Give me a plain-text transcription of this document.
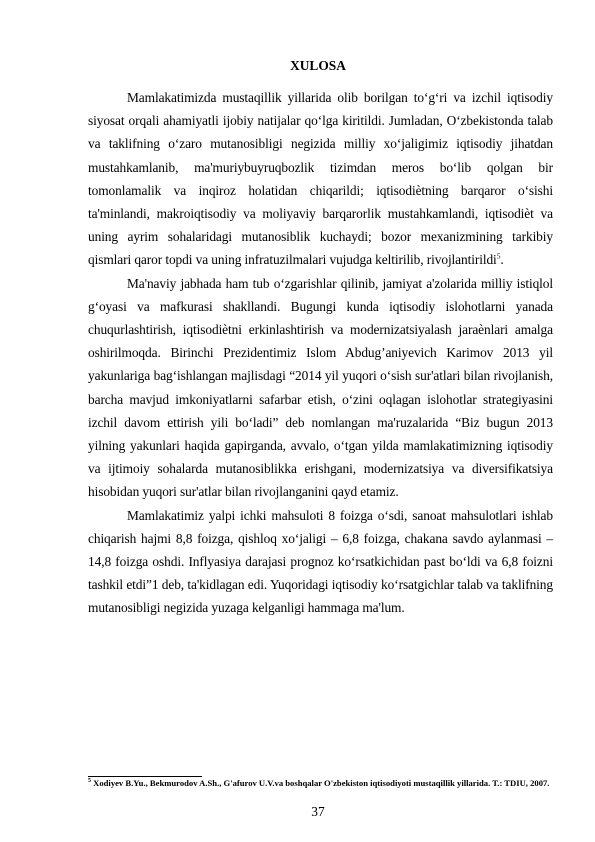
XULOSA

Mamlakatimizda mustaqillik yillarida olib borilgan to‘g‘ri va izchil iqtisodiy siyosat orqali ahamiyatli ijobiy natijalar qo‘lga kiritildi. Jumladan, O‘zbekistonda talab va taklifning o‘zaro mutanosibligi negizida milliy xo‘jaligimiz iqtisodiy jihatdan mustahkamlanib, ma'muriybuyruqbozlik tizimdan meros bo‘lib qolgan bir tomonlamalik va inqiroz holatidan chiqarildi; iqtisodiѐtning barqaror o‘sishi ta'minlandi, makroiqtisodiy va moliyaviy barqarorlik mustahkamlandi, iqtisodiѐt va uning ayrim sohalaridagi mutanosiblik kuchaydi; bozor mexanizmining tarkibiy qismlari qaror topdi va uning infratuzilmalari vujudga keltirilib, rivojlantirildi$^5$.

Ma'naviy jabhada ham tub o‘zgarishlar qilinib, jamiyat a'zolarida milliy istiqlol g‘oyasi va mafkurasi shakllandi. Bugungi kunda iqtisodiy islohotlarni yanada chuqurlashtirish, iqtisodiѐtni erkinlashtirish va modernizatsiyalash jaraѐnlari amalga oshirilmoqda. Birinchi Prezidentimiz Islom Abdug’aniyevich Karimov 2013 yil yakunlariga bag‘ishlangan majlisdagi “2014 yil yuqori o‘sish sur'atlari bilan rivojlanish, barcha mavjud imkoniyatlarni safarbar etish, o‘zini oqlagan islohotlar strategiyasini izchil davom ettirish yili bo‘ladi” deb nomlangan ma'ruzalarida “Biz bugun 2013 yilning yakunlari haqida gapirganda, avvalo, o‘tgan yilda mamlakatimizning iqtisodiy va ijtimoiy sohalarda mutanosiblikka erishgani, modernizatsiya va diversifikatsiya hisobidan yuqori sur'atlar bilan rivojlanganini qayd etamiz.

Mamlakatimiz yalpi ichki mahsuloti 8 foizga o‘sdi, sanoat mahsulotlari ishlab chiqarish hajmi 8,8 foizga, qishloq xo‘jaligi – 6,8 foizga, chakana savdo aylanmasi – 14,8 foizga oshdi. Inflyasiya darajasi prognoz ko‘rsatkichidan past bo‘ldi va 6,8 foizni tashkil etdi”1 deb, ta'kidlagan edi. Yuqoridagi iqtisodiy ko‘rsatgichlar talab va taklifning mutanosibligi negizida yuzaga kelganligi hammaga ma'lum.

$^5$ Xodiyev B.Yu., Bekmurodov A.Sh., G'afurov U.V.va boshqalar O'zbekiston iqtisodiyoti mustaqillik yillarida. T.: TDIU, 2007.

37
